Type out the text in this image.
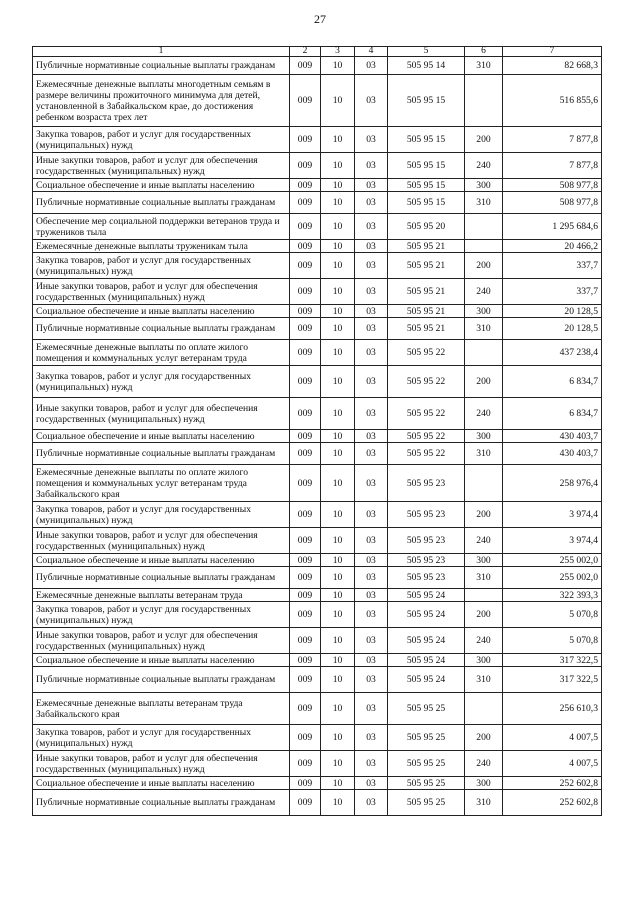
27
1	2	3	4	5	6	7
Публичные нормативные социальные выплаты гражданам	009	10	03	505 95 14	310	82 668,3
Ежемесячные денежные выплаты многодетным семьям в размере величины прожиточного минимума для детей, установленной в Забайкальском крае, до достижения ребенком возраста трех лет	009	10	03	505 95 15		516 855,6
Закупка товаров, работ и услуг для государственных (муниципальных) нужд	009	10	03	505 95 15	200	7 877,8
Иные закупки товаров, работ и услуг для обеспечения государственных (муниципальных) нужд	009	10	03	505 95 15	240	7 877,8
Социальное обеспечение и иные выплаты населению	009	10	03	505 95 15	300	508 977,8
Публичные нормативные социальные выплаты гражданам	009	10	03	505 95 15	310	508 977,8
Обеспечение мер социальной поддержки ветеранов труда и тружеников тыла	009	10	03	505 95 20		1 295 684,6
Ежемесячные денежные выплаты труженикам тыла	009	10	03	505 95 21		20 466,2
Закупка товаров, работ и услуг для государственных (муниципальных) нужд	009	10	03	505 95 21	200	337,7
Иные закупки товаров, работ и услуг для обеспечения государственных (муниципальных) нужд	009	10	03	505 95 21	240	337,7
Социальное обеспечение и иные выплаты населению	009	10	03	505 95 21	300	20 128,5
Публичные нормативные социальные выплаты гражданам	009	10	03	505 95 21	310	20 128,5
Ежемесячные денежные выплаты по оплате жилого помещения и коммунальных услуг ветеранам труда	009	10	03	505 95 22		437 238,4
Закупка товаров, работ и услуг для государственных (муниципальных) нужд	009	10	03	505 95 22	200	6 834,7
Иные закупки товаров, работ и услуг для обеспечения государственных (муниципальных) нужд	009	10	03	505 95 22	240	6 834,7
Социальное обеспечение и иные выплаты населению	009	10	03	505 95 22	300	430 403,7
Публичные нормативные социальные выплаты гражданам	009	10	03	505 95 22	310	430 403,7
Ежемесячные денежные выплаты по оплате жилого помещения и коммунальных услуг ветеранам труда Забайкальского края	009	10	03	505 95 23		258 976,4
Закупка товаров, работ и услуг для государственных (муниципальных) нужд	009	10	03	505 95 23	200	3 974,4
Иные закупки товаров, работ и услуг для обеспечения государственных (муниципальных) нужд	009	10	03	505 95 23	240	3 974,4
Социальное обеспечение и иные выплаты населению	009	10	03	505 95 23	300	255 002,0
Публичные нормативные социальные выплаты гражданам	009	10	03	505 95 23	310	255 002,0
Ежемесячные денежные выплаты ветеранам труда	009	10	03	505 95 24		322 393,3
Закупка товаров, работ и услуг для государственных (муниципальных) нужд	009	10	03	505 95 24	200	5 070,8
Иные закупки товаров, работ и услуг для обеспечения государственных (муниципальных) нужд	009	10	03	505 95 24	240	5 070,8
Социальное обеспечение и иные выплаты населению	009	10	03	505 95 24	300	317 322,5
Публичные нормативные социальные выплаты гражданам	009	10	03	505 95 24	310	317 322,5
Ежемесячные денежные выплаты ветеранам труда Забайкальского края	009	10	03	505 95 25		256 610,3
Закупка товаров, работ и услуг для государственных (муниципальных) нужд	009	10	03	505 95 25	200	4 007,5
Иные закупки товаров, работ и услуг для обеспечения государственных (муниципальных) нужд	009	10	03	505 95 25	240	4 007,5
Социальное обеспечение и иные выплаты населению	009	10	03	505 95 25	300	252 602,8
Публичные нормативные социальные выплаты гражданам	009	10	03	505 95 25	310	252 602,8
